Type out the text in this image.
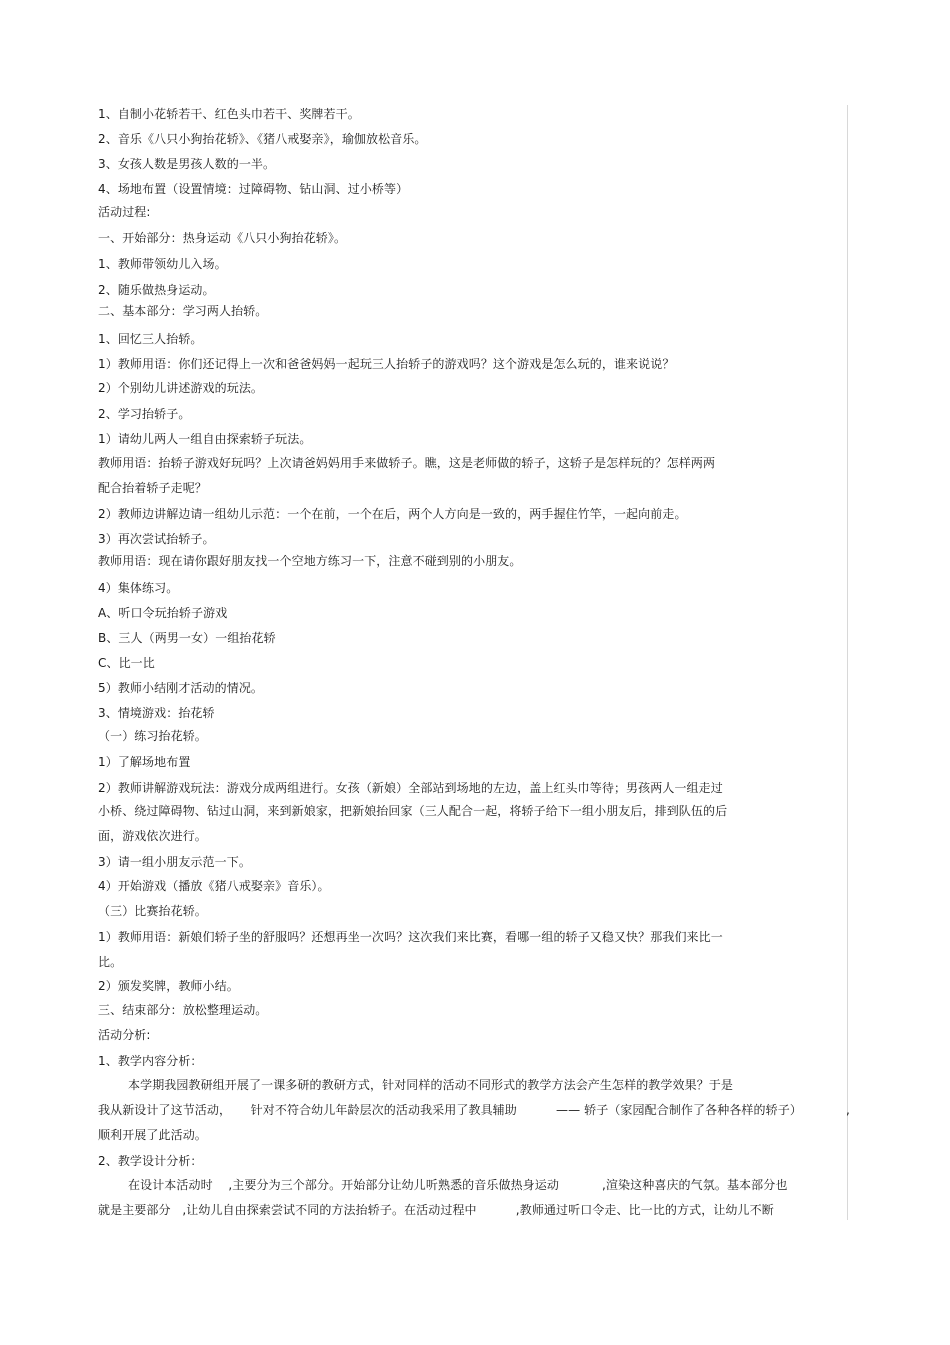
1、自制小花轿若干、红色头巾若干、奖牌若干。
2、音乐《八只小狗抬花轿》、《猪八戒娶亲》，瑜伽放松音乐。
3、女孩人数是男孩人数的一半。
4、场地布置（设置情境：过障碍物、钻山洞、过小桥等）
活动过程:
一、开始部分：热身运动《八只小狗抬花轿》。
1、教师带领幼儿入场。
2、随乐做热身运动。
二、基本部分：学习两人抬轿。
1、回忆三人抬轿。
1）教师用语：你们还记得上一次和爸爸妈妈一起玩三人抬轿子的游戏吗？这个游戏是怎么玩的，谁来说说？
2）个别幼儿讲述游戏的玩法。
2、学习抬轿子。
1）请幼儿两人一组自由探索轿子玩法。
教师用语：抬轿子游戏好玩吗？上次请爸妈妈用手来做轿子。瞧，这是老师做的轿子，这轿子是怎样玩的？怎样两两
配合抬着轿子走呢？
2）教师边讲解边请一组幼儿示范：一个在前，一个在后，两个人方向是一致的，两手握住竹竿，一起向前走。
3）再次尝试抬轿子。
教师用语：现在请你跟好朋友找一个空地方练习一下，注意不碰到别的小朋友。
4）集体练习。
A、听口令玩抬轿子游戏
B、三人（两男一女）一组抬花轿
C、比一比
5）教师小结刚才活动的情况。
3、情境游戏：抬花轿
（一）练习抬花轿。
1）了解场地布置
2）教师讲解游戏玩法：游戏分成两组进行。女孩（新娘）全部站到场地的左边，盖上红头巾等待；男孩两人一组走过
小桥、绕过障碍物、钻过山洞，来到新娘家，把新娘抬回家（三人配合一起，将轿子给下一组小朋友后，排到队伍的后
面，游戏依次进行。
3）请一组小朋友示范一下。
4）开始游戏（播放《猪八戒娶亲》音乐）。
（三）比赛抬花轿。
1）教师用语：新娘们轿子坐的舒服吗？还想再坐一次吗？这次我们来比赛，看哪一组的轿子又稳又快？那我们来比一
比。
2）颁发奖牌，教师小结。
三、结束部分：放松整理运动。
活动分析:
1、教学内容分析：
本学期我园教研组开展了一课多研的教研方式，针对同样的活动不同形式的教学方法会产生怎样的教学效果？于是
我从新设计了这节活动，     针对不符合幼儿年龄层次的活动我采用了教具辅助          —— 轿子（家园配合制作了各种各样的轿子）	,
顺利开展了此活动。
2、教学设计分析：
在设计本活动时    ,主要分为三个部分。开始部分让幼儿听熟悉的音乐做热身运动           ,渲染这种喜庆的气氛。基本部分也
就是主要部分   ,让幼儿自由探索尝试不同的方法抬轿子。在活动过程中          ,教师通过听口令走、比一比的方式，让幼儿不断
